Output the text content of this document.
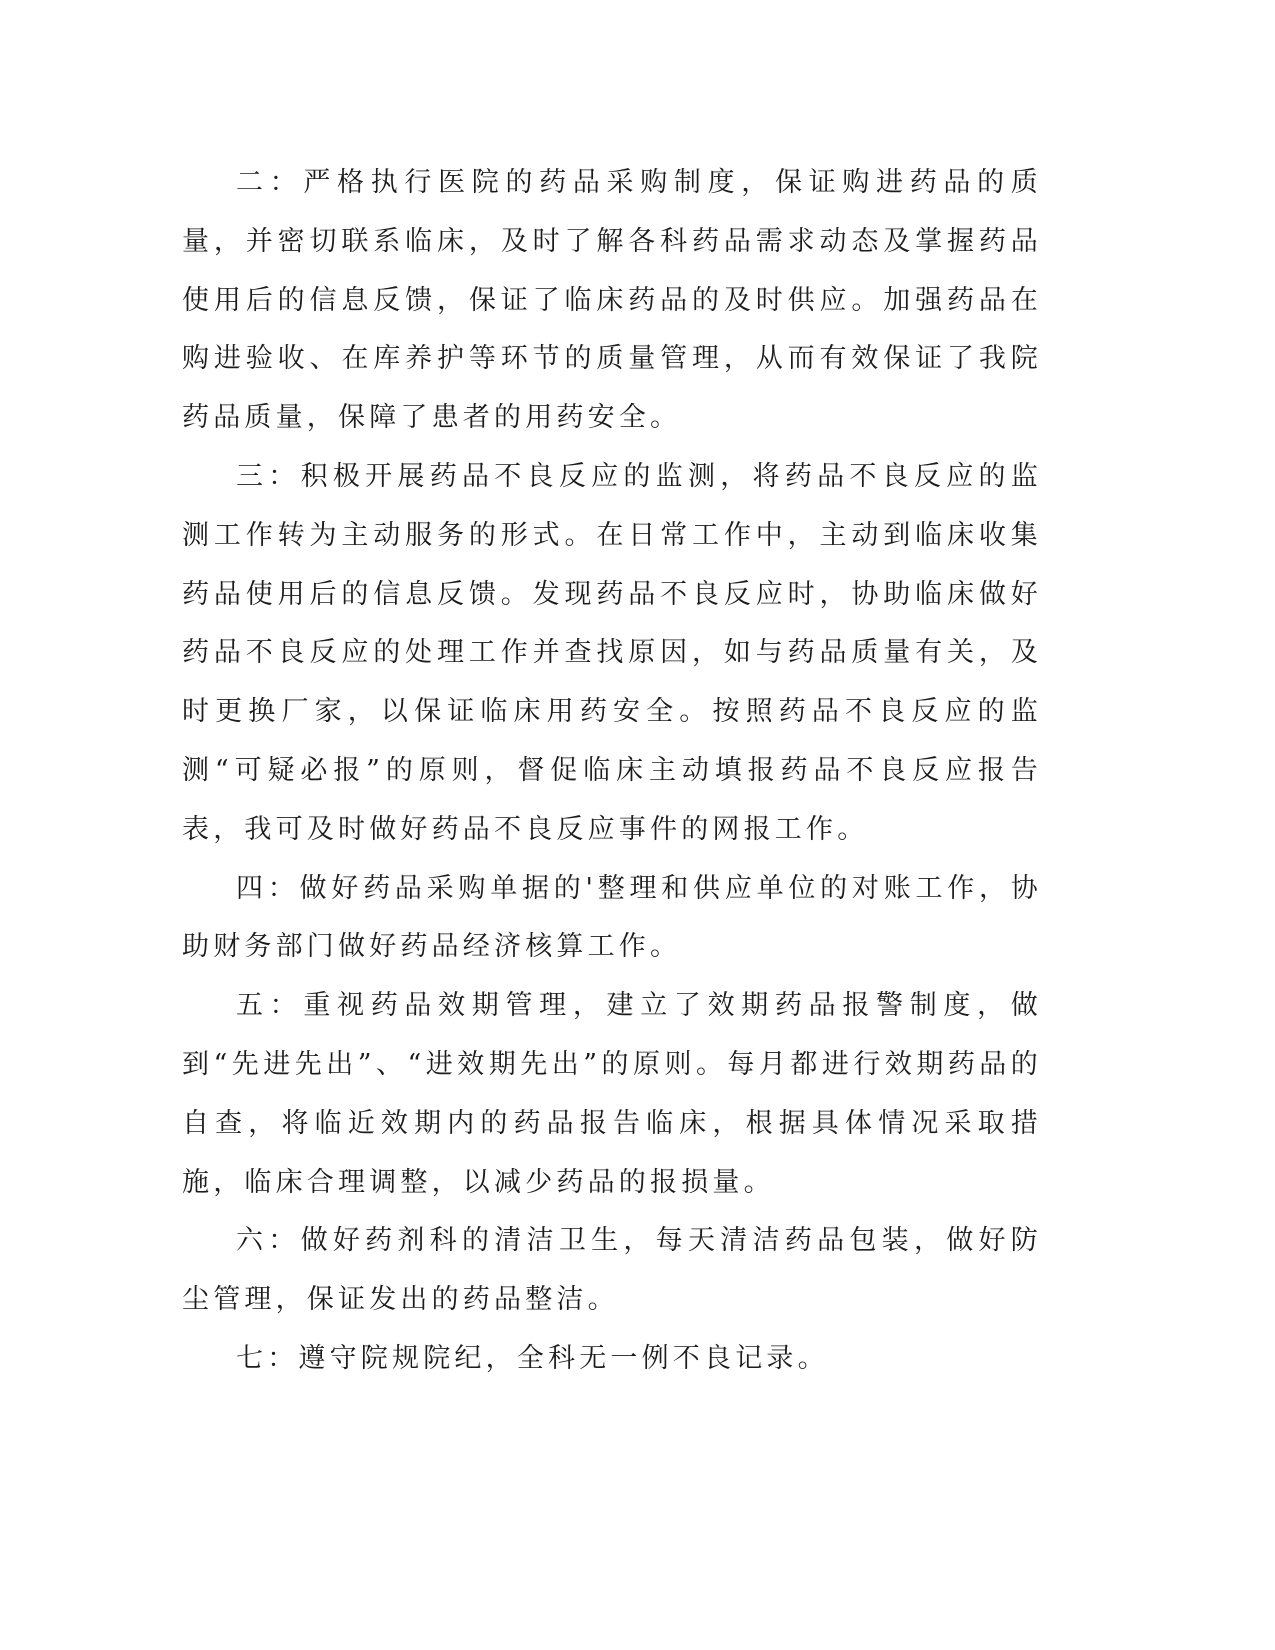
二：严格执行医院的药品采购制度，保证购进药品的质量，并密切联系临床，及时了解各科药品需求动态及掌握药品使用后的信息反馈，保证了临床药品的及时供应。加强药品在购进验收、在库养护等环节的质量管理，从而有效保证了我院药品质量，保障了患者的用药安全。

三：积极开展药品不良反应的监测，将药品不良反应的监测工作转为主动服务的形式。在日常工作中，主动到临床收集药品使用后的信息反馈。发现药品不良反应时，协助临床做好药品不良反应的处理工作并查找原因，如与药品质量有关，及时更换厂家，以保证临床用药安全。按照药品不良反应的监测“可疑必报”的原则，督促临床主动填报药品不良反应报告表，我可及时做好药品不良反应事件的网报工作。

四：做好药品采购单据的'整理和供应单位的对账工作，协助财务部门做好药品经济核算工作。

五：重视药品效期管理，建立了效期药品报警制度，做到“先进先出”、“进效期先出”的原则。每月都进行效期药品的自查，将临近效期内的药品报告临床，根据具体情况采取措施，临床合理调整，以减少药品的报损量。

六：做好药剂科的清洁卫生，每天清洁药品包装，做好防尘管理，保证发出的药品整洁。

七：遵守院规院纪，全科无一例不良记录。
